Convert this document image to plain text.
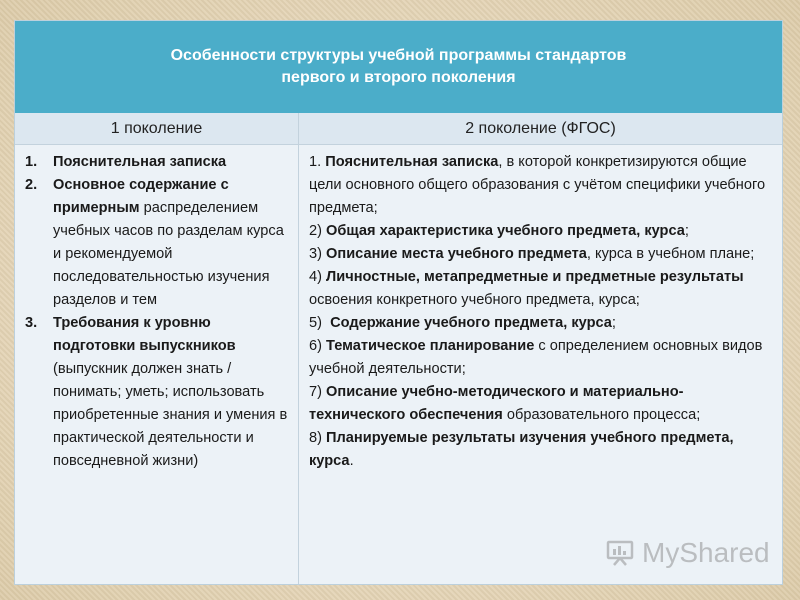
Особенности структуры учебной программы стандартов
первого и второго поколения
1 поколение	2 поколение (ФГОС)
1. Пояснительная записка
2. Основное содержание с примерным распределением учебных часов по разделам курса и рекомендуемой последовательностью изучения разделов и тем
3. Требования к уровню подготовки выпускников (выпускник должен знать / понимать; уметь; использовать приобретенные знания и умения в практической деятельности и повседневной жизни)
1. Пояснительная записка, в которой конкретизируются общие цели основного общего образования с учётом специфики учебного предмета;
2) Общая характеристика учебного предмета, курса;
3) Описание места учебного предмета, курса в учебном плане;
4) Личностные, метапредметные и предметные результаты освоения конкретного учебного предмета, курса;
5)  Содержание учебного предмета, курса;
6) Тематическое планирование с определением основных видов учебной деятельности;
7) Описание учебно-методического и материально-технического обеспечения образовательного процесса;
8) Планируемые результаты изучения учебного предмета, курса.
MyShared
